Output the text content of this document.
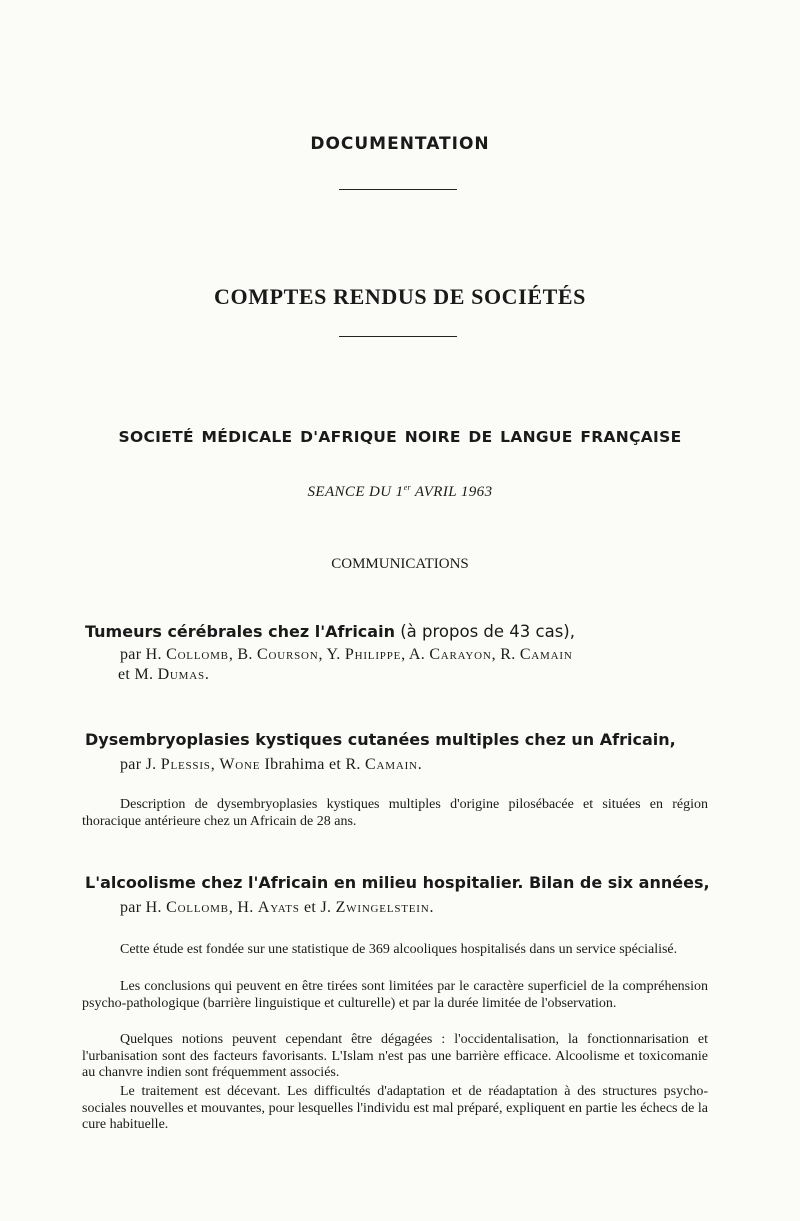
DOCUMENTATION
COMPTES RENDUS DE SOCIÉTÉS
SOCIETÉ MÉDICALE D'AFRIQUE NOIRE DE LANGUE FRANÇAISE
SEANCE DU 1er AVRIL 1963
COMMUNICATIONS
Tumeurs cérébrales chez l'Africain (à propos de 43 cas),
par H. Collomb, B. Courson, Y. Philippe, A. Carayon, R. Camain
et M. Dumas.
Dysembryoplasies kystiques cutanées multiples chez un Africain,
par J. Plessis, Wone Ibrahima et R. Camain.
Description de dysembryoplasies kystiques multiples d'origine pilosébacée et situées en région thoracique antérieure chez un Africain de 28 ans.
L'alcoolisme chez l'Africain en milieu hospitalier. Bilan de six années,
par H. Collomb, H. Ayats et J. Zwingelstein.
Cette étude est fondée sur une statistique de 369 alcooliques hospitalisés dans un service spécialisé.
Les conclusions qui peuvent en être tirées sont limitées par le caractère superficiel de la compréhension psycho-pathologique (barrière linguistique et culturelle) et par la durée limitée de l'observation.
Quelques notions peuvent cependant être dégagées : l'occidentalisation, la fonctionnarisation et l'urbanisation sont des facteurs favorisants. L'Islam n'est pas une barrière efficace. Alcoolisme et toxicomanie au chanvre indien sont fréquemment associés.
Le traitement est décevant. Les difficultés d'adaptation et de réadaptation à des structures psycho-sociales nouvelles et mouvantes, pour lesquelles l'individu est mal préparé, expliquent en partie les échecs de la cure habituelle.
